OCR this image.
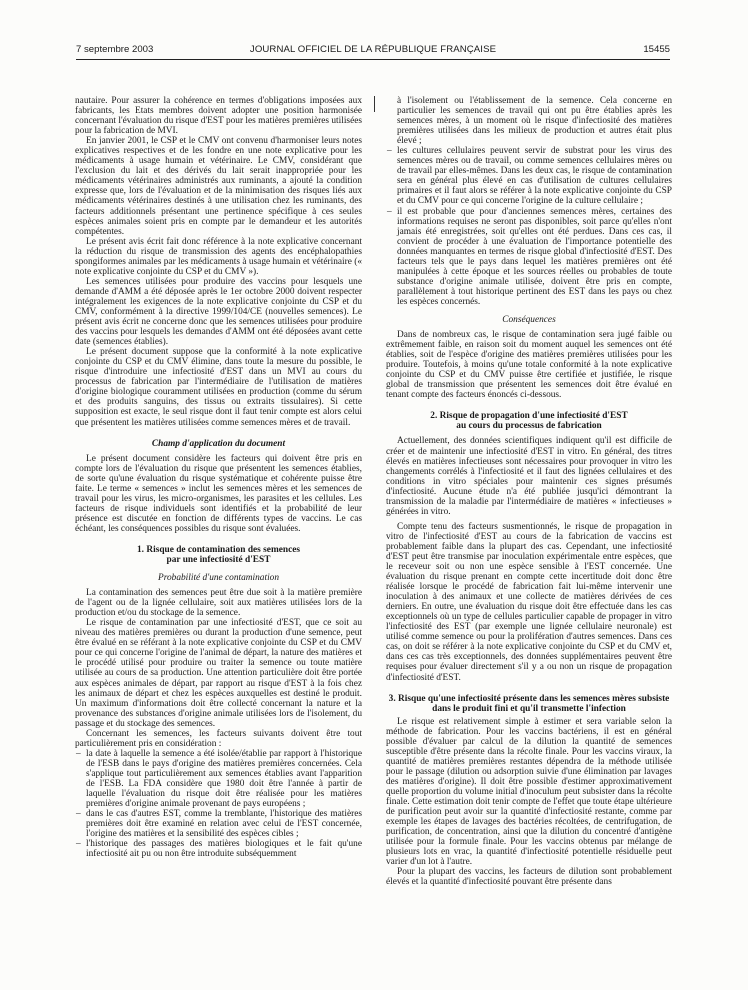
7 septembre 2003	JOURNAL OFFICIEL DE LA RÉPUBLIQUE FRANÇAISE	15455

nautaire. Pour assurer la cohérence en termes d'obligations imposées aux fabricants, les Etats membres doivent adopter une position harmonisée concernant l'évaluation du risque d'EST pour les matières premières utilisées pour la fabrication de MVI.

En janvier 2001, le CSP et le CMV ont convenu d'harmoniser leurs notes explicatives respectives et de les fondre en une note explicative pour les médicaments à usage humain et vétérinaire. Le CMV, considérant que l'exclusion du lait et des dérivés du lait serait inappropriée pour les médicaments vétérinaires administrés aux ruminants, a ajouté la condition expresse que, lors de l'évaluation et de la minimisation des risques liés aux médicaments vétérinaires destinés à une utilisation chez les ruminants, des facteurs additionnels présentant une pertinence spécifique à ces seules espèces animales soient pris en compte par le demandeur et les autorités compétentes.

Le présent avis écrit fait donc référence à la note explicative concernant la réduction du risque de transmission des agents des encéphalopathies spongiformes animales par les médicaments à usage humain et vétérinaire (« note explicative conjointe du CSP et du CMV »).

Les semences utilisées pour produire des vaccins pour lesquels une demande d'AMM a été déposée après le 1er octobre 2000 doivent respecter intégralement les exigences de la note explicative conjointe du CSP et du CMV, conformément à la directive 1999/104/CE (nouvelles semences). Le présent avis écrit ne concerne donc que les semences utilisées pour produire des vaccins pour lesquels les demandes d'AMM ont été déposées avant cette date (semences établies).

Le présent document suppose que la conformité à la note explicative conjointe du CSP et du CMV élimine, dans toute la mesure du possible, le risque d'introduire une infectiosité d'EST dans un MVI au cours du processus de fabrication par l'intermédiaire de l'utilisation de matières d'origine biologique couramment utilisées en production (comme du sérum et des produits sanguins, des tissus ou extraits tissulaires). Si cette supposition est exacte, le seul risque dont il faut tenir compte est alors celui que présentent les matières utilisées comme semences mères et de travail.

Champ d'application du document

Le présent document considère les facteurs qui doivent être pris en compte lors de l'évaluation du risque que présentent les semences établies, de sorte qu'une évaluation du risque systématique et cohérente puisse être faite. Le terme « semences » inclut les semences mères et les semences de travail pour les virus, les micro-organismes, les parasites et les cellules. Les facteurs de risque individuels sont identifiés et la probabilité de leur présence est discutée en fonction de différents types de vaccins. Le cas échéant, les conséquences possibles du risque sont évaluées.

1. Risque de contamination des semences

par une infectiosité d'EST

Probabilité d'une contamination

La contamination des semences peut être due soit à la matière première de l'agent ou de la lignée cellulaire, soit aux matières utilisées lors de la production et/ou du stockage de la semence.

Le risque de contamination par une infectiosité d'EST, que ce soit au niveau des matières premières ou durant la production d'une semence, peut être évalué en se référant à la note explicative conjointe du CSP et du CMV pour ce qui concerne l'origine de l'animal de départ, la nature des matières et le procédé utilisé pour produire ou traiter la semence ou toute matière utilisée au cours de sa production. Une attention particulière doit être portée aux espèces animales de départ, par rapport au risque d'EST à la fois chez les animaux de départ et chez les espèces auxquelles est destiné le produit. Un maximum d'informations doit être collecté concernant la nature et la provenance des substances d'origine animale utilisées lors de l'isolement, du passage et du stockage des semences.

Concernant les semences, les facteurs suivants doivent être tout particulièrement pris en considération :

– la date à laquelle la semence a été isolée/établie par rapport à l'historique de l'ESB dans le pays d'origine des matières premières concernées. Cela s'applique tout particulièrement aux semences établies avant l'apparition de l'ESB. La FDA considère que 1980 doit être l'année à partir de laquelle l'évaluation du risque doit être réalisée pour les matières premières d'origine animale provenant de pays européens ;
– dans le cas d'autres EST, comme la tremblante, l'historique des matières premières doit être examiné en relation avec celui de l'EST concernée, l'origine des matières et la sensibilité des espèces cibles ;
– l'historique des passages des matières biologiques et le fait qu'une infectiosité ait pu ou non être introduite subséquemment

à l'isolement ou l'établissement de la semence. Cela concerne en particulier les semences de travail qui ont pu être établies après les semences mères, à un moment où le risque d'infectiosité des matières premières utilisées dans les milieux de production et autres était plus élevé ;

– les cultures cellulaires peuvent servir de substrat pour les virus des semences mères ou de travail, ou comme semences cellulaires mères ou de travail par elles-mêmes. Dans les deux cas, le risque de contamination sera en général plus élevé en cas d'utilisation de cultures cellulaires primaires et il faut alors se référer à la note explicative conjointe du CSP et du CMV pour ce qui concerne l'origine de la culture cellulaire ;
– il est probable que pour d'anciennes semences mères, certaines des informations requises ne seront pas disponibles, soit parce qu'elles n'ont jamais été enregistrées, soit qu'elles ont été perdues. Dans ces cas, il convient de procéder à une évaluation de l'importance potentielle des données manquantes en termes de risque global d'infectiosité d'EST. Des facteurs tels que le pays dans lequel les matières premières ont été manipulées à cette époque et les sources réelles ou probables de toute substance d'origine animale utilisée, doivent être pris en compte, parallèlement à tout historique pertinent des EST dans les pays ou chez les espèces concernés.

Conséquences

Dans de nombreux cas, le risque de contamination sera jugé faible ou extrêmement faible, en raison soit du moment auquel les semences ont été établies, soit de l'espèce d'origine des matières premières utilisées pour les produire. Toutefois, à moins qu'une totale conformité à la note explicative conjointe du CSP et du CMV puisse être certifiée et justifiée, le risque global de transmission que présentent les semences doit être évalué en tenant compte des facteurs énoncés ci-dessous.

2. Risque de propagation d'une infectiosité d'EST

au cours du processus de fabrication

Actuellement, des données scientifiques indiquent qu'il est difficile de créer et de maintenir une infectiosité d'EST in vitro. En général, des titres élevés en matières infectieuses sont nécessaires pour provoquer in vitro les changements corrélés à l'infectiosité et il faut des lignées cellulaires et des conditions in vitro spéciales pour maintenir ces signes présumés d'infectiosité. Aucune étude n'a été publiée jusqu'ici démontrant la transmission de la maladie par l'intermédiaire de matières « infectieuses » générées in vitro.

Compte tenu des facteurs susmentionnés, le risque de propagation in vitro de l'infectiosité d'EST au cours de la fabrication de vaccins est probablement faible dans la plupart des cas. Cependant, une infectiosité d'EST peut être transmise par inoculation expérimentale entre espèces, que le receveur soit ou non une espèce sensible à l'EST concernée. Une évaluation du risque prenant en compte cette incertitude doit donc être réalisée lorsque le procédé de fabrication fait lui-même intervenir une inoculation à des animaux et une collecte de matières dérivées de ces derniers. En outre, une évaluation du risque doit être effectuée dans les cas exceptionnels où un type de cellules particulier capable de propager in vitro l'infectiosité des EST (par exemple une lignée cellulaire neuronale) est utilisé comme semence ou pour la prolifération d'autres semences. Dans ces cas, on doit se référer à la note explicative conjointe du CSP et du CMV et, dans ces cas très exceptionnels, des données supplémentaires peuvent être requises pour évaluer directement s'il y a ou non un risque de propagation d'infectiosité d'EST.

3. Risque qu'une infectiosité présente dans les semences mères subsiste dans le produit fini et qu'il transmette l'infection

Le risque est relativement simple à estimer et sera variable selon la méthode de fabrication. Pour les vaccins bactériens, il est en général possible d'évaluer par calcul de la dilution la quantité de semences susceptible d'être présente dans la récolte finale. Pour les vaccins viraux, la quantité de matières premières restantes dépendra de la méthode utilisée pour le passage (dilution ou adsorption suivie d'une élimination par lavages des matières d'origine). Il doit être possible d'estimer approximativement quelle proportion du volume initial d'inoculum peut subsister dans la récolte finale. Cette estimation doit tenir compte de l'effet que toute étape ultérieure de purification peut avoir sur la quantité d'infectiosité restante, comme par exemple les étapes de lavages des bactéries récoltées, de centrifugation, de purification, de concentration, ainsi que la dilution du concentré d'antigène utilisée pour la formule finale. Pour les vaccins obtenus par mélange de plusieurs lots en vrac, la quantité d'infectiosité potentielle résiduelle peut varier d'un lot à l'autre.

Pour la plupart des vaccins, les facteurs de dilution sont probablement élevés et la quantité d'infectiosité pouvant être présente dans
